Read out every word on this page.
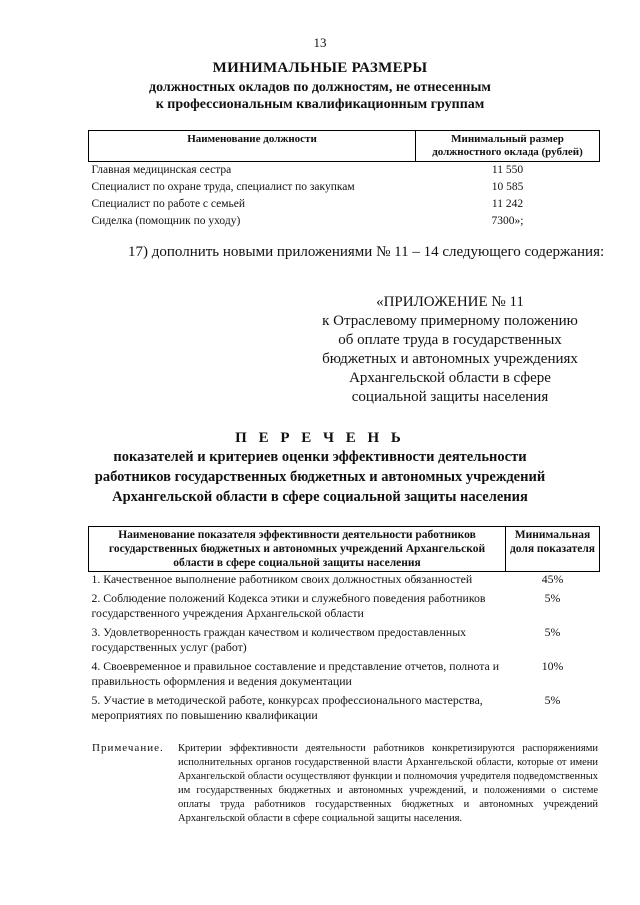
13
МИНИМАЛЬНЫЕ РАЗМЕРЫ
должностных окладов по должностям, не отнесенным
к профессиональным квалификационным группам
Наименование должности	Минимальный размер должностного оклада (рублей)
Главная медицинская сестра	11 550
Специалист по охране труда, специалист по закупкам	10 585
Специалист по работе с семьей	11 242
Сиделка (помощник по уходу)	7300»;
17) дополнить новыми приложениями № 11 – 14 следующего содержания:
«ПРИЛОЖЕНИЕ № 11
к Отраслевому примерному положению
об оплате труда в государственных
бюджетных и автономных учреждениях
Архангельской области в сфере
социальной защиты населения
П Е Р Е Ч Е Н Ь
показателей и критериев оценки эффективности деятельности
работников государственных бюджетных и автономных учреждений
Архангельской области в сфере социальной защиты населения
Наименование показателя эффективности деятельности работников государственных бюджетных и автономных учреждений Архангельской области в сфере социальной защиты населения	Минимальная доля показателя
1. Качественное выполнение работником своих должностных обязанностей	45%
2. Соблюдение положений Кодекса этики и служебного поведения работников государственного учреждения Архангельской области	5%
3. Удовлетворенность граждан качеством и количеством предоставленных государственных услуг (работ)	5%
4. Своевременное и правильное составление и представление отчетов, полнота и правильность оформления и ведения документации	10%
5. Участие в методической работе, конкурсах профессионального мастерства, мероприятиях по повышению квалификации	5%
Примечание. Критерии эффективности деятельности работников конкретизируются распоряжениями исполнительных органов государственной власти Архангельской области, которые от имени Архангельской области осуществляют функции и полномочия учредителя подведомственных им государственных бюджетных и автономных учреждений, и положениями о системе оплаты труда работников государственных бюджетных и автономных учреждений Архангельской области в сфере социальной защиты населения.
